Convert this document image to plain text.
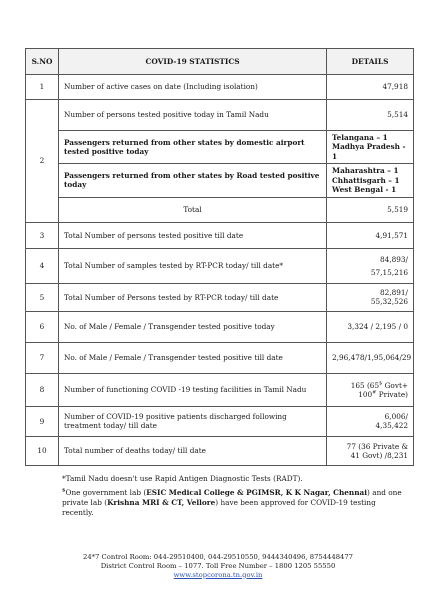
S.NO	COVID-19 STATISTICS	DETAILS
1	Number of active cases on date (Including isolation)	47,918
2	Number of persons tested positive today in Tamil Nadu	5,514
	Passengers returned from other states by domestic airport tested positive today	Telangana – 1
Madhya Pradesh - 1

	Passengers returned from other states by Road tested positive today	Maharashtra – 1
Chhattisgarh – 1
West Bengal - 1

	Total	5,519
3	Total Number of persons tested positive till date	4,91,571
4	Total Number of samples tested by RT-PCR today/ till date*	84,893/
57,15,216

5	Total Number of Persons tested by RT-PCR today/ till date	82,891/
55,32,526

6	No. of Male / Female / Transgender tested positive today	3,324 / 2,195 / 0
7	No. of Male / Female / Transgender tested positive till date	2,96,478/1,95,064/29
8	Number of functioning COVID -19 testing facilities in Tamil Nadu	165 (65$ Govt+
100# Private)

9	Number of COVID-19 positive patients discharged following treatment today/ till date	6,006/
4,35,422

10	Total number of deaths today/ till date	77 (36 Private &
41 Govt) /8,231

*Tamil Nadu doesn't use Rapid Antigen Diagnostic Tests (RADT).

$One government lab (ESIC Medical College & PGIMSR, K K Nagar, Chennai) and one private lab (Krishna MRI & CT, Vellore) have been approved for COVID-19 testing recently.

24*7 Control Room: 044-29510400, 044-29510550, 9444340496, 8754448477
District Control Room – 1077. Toll Free Number – 1800 1205 55550
www.stopcorona.tn.gov.in
